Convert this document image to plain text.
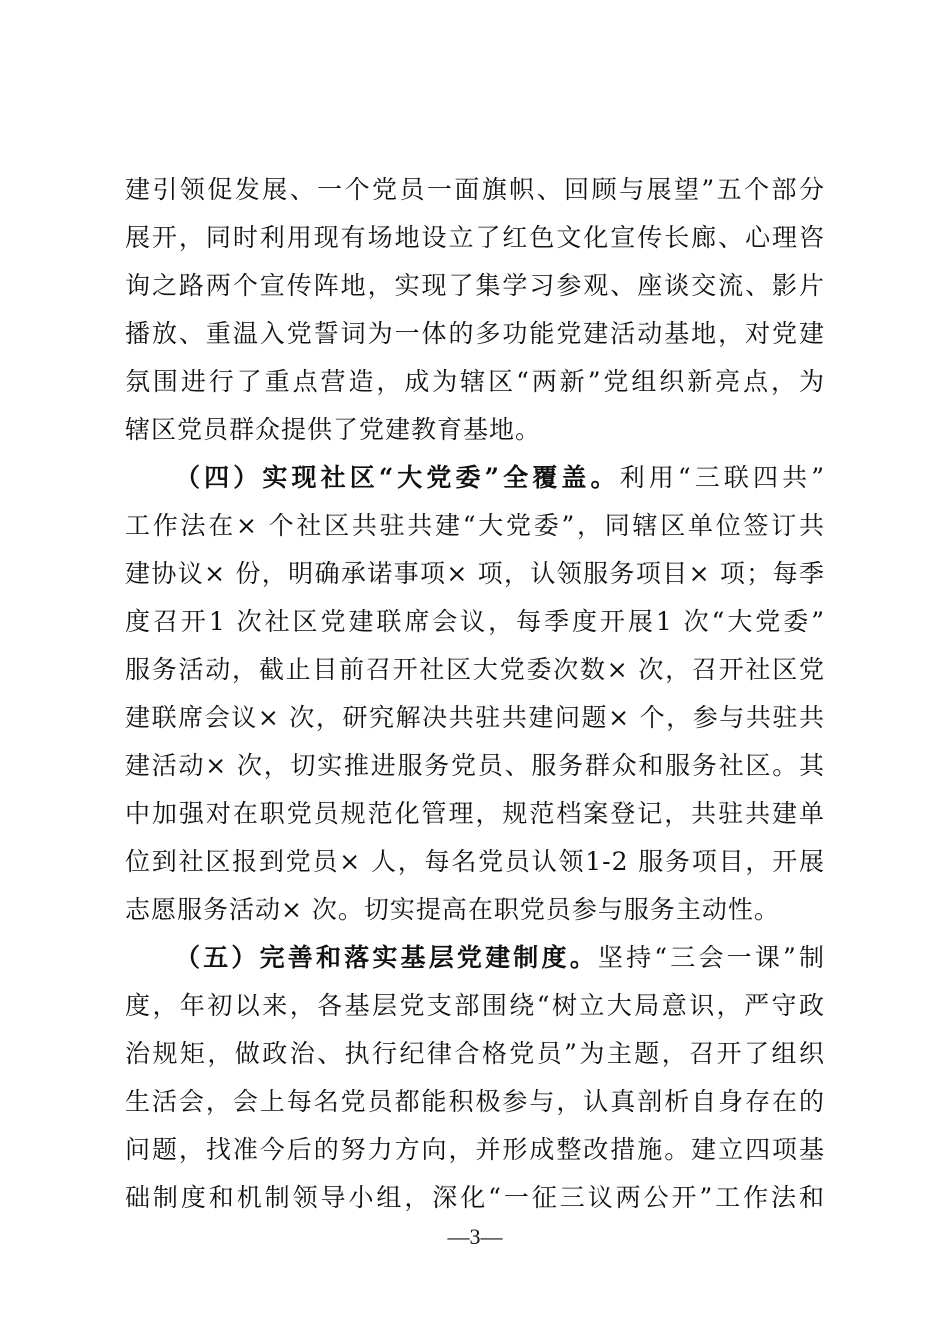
建引领促发展、一个党员一面旗帜、回顾与展望”五个部分
展开，同时利用现有场地设立了红色文化宣传长廊、心理咨
询之路两个宣传阵地，实现了集学习参观、座谈交流、影片
播放、重温入党誓词为一体的多功能党建活动基地，对党建
氛围进行了重点营造，成为辖区“两新”党组织新亮点，为
辖区党员群众提供了党建教育基地。
（四）实现社区“大党委”全覆盖。利用“三联四共”
工作法在× 个社区共驻共建“大党委”，同辖区单位签订共
建协议× 份，明确承诺事项× 项，认领服务项目× 项；每季
度召开1 次社区党建联席会议，每季度开展1 次“大党委”
服务活动，截止目前召开社区大党委次数× 次，召开社区党
建联席会议× 次，研究解决共驻共建问题× 个，参与共驻共
建活动× 次，切实推进服务党员、服务群众和服务社区。其
中加强对在职党员规范化管理，规范档案登记，共驻共建单
位到社区报到党员× 人，每名党员认领1-2 服务项目，开展
志愿服务活动× 次。切实提高在职党员参与服务主动性。
（五）完善和落实基层党建制度。坚持“三会一课”制
度，年初以来，各基层党支部围绕“树立大局意识，严守政
治规矩，做政治、执行纪律合格党员”为主题，召开了组织
生活会，会上每名党员都能积极参与，认真剖析自身存在的
问题，找准今后的努力方向，并形成整改措施。建立四项基
础制度和机制领导小组，深化“一征三议两公开”工作法和
—3—
